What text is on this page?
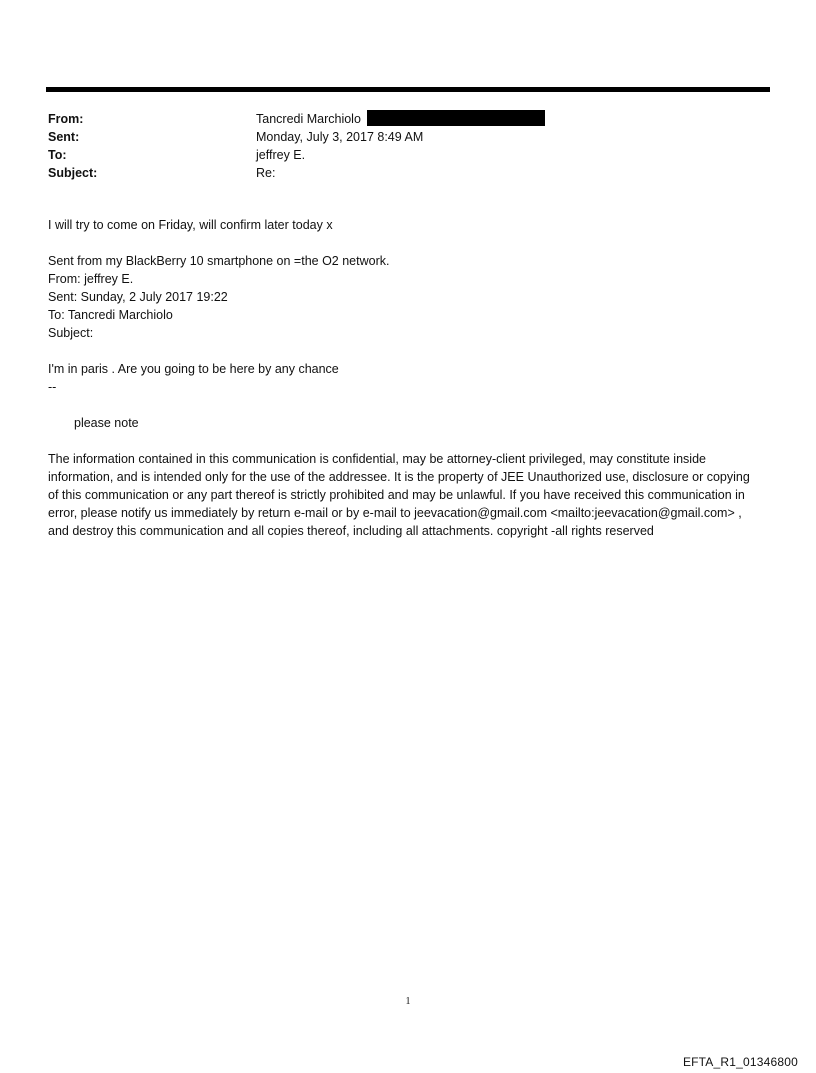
From:	Tancredi Marchiolo
Sent:	Monday, July 3, 2017 8:49 AM
To:	jeffrey E.
Subject:	Re:
I will try to come on Friday, will confirm later today x
Sent from my BlackBerry 10 smartphone on =the O2 network.
From: jeffrey E.
Sent: Sunday, 2 July 2017 19:22
To: Tancredi Marchiolo
Subject:
I'm in paris . Are you going to be here by any chance
--
please note
The information contained in this communication is confidential, may be attorney-client privileged, may constitute inside information, and is intended only for the use of the addressee. It is the property of JEE Unauthorized use, disclosure or copying of this communication or any part thereof is strictly prohibited and may be unlawful. If you have received this communication in error, please notify us immediately by return e-mail or by e-mail to jeevacation@gmail.com <mailto:jeevacation@gmail.com> , and destroy this communication and all copies thereof, including all attachments. copyright -all rights reserved
1
EFTA_R1_01346800
